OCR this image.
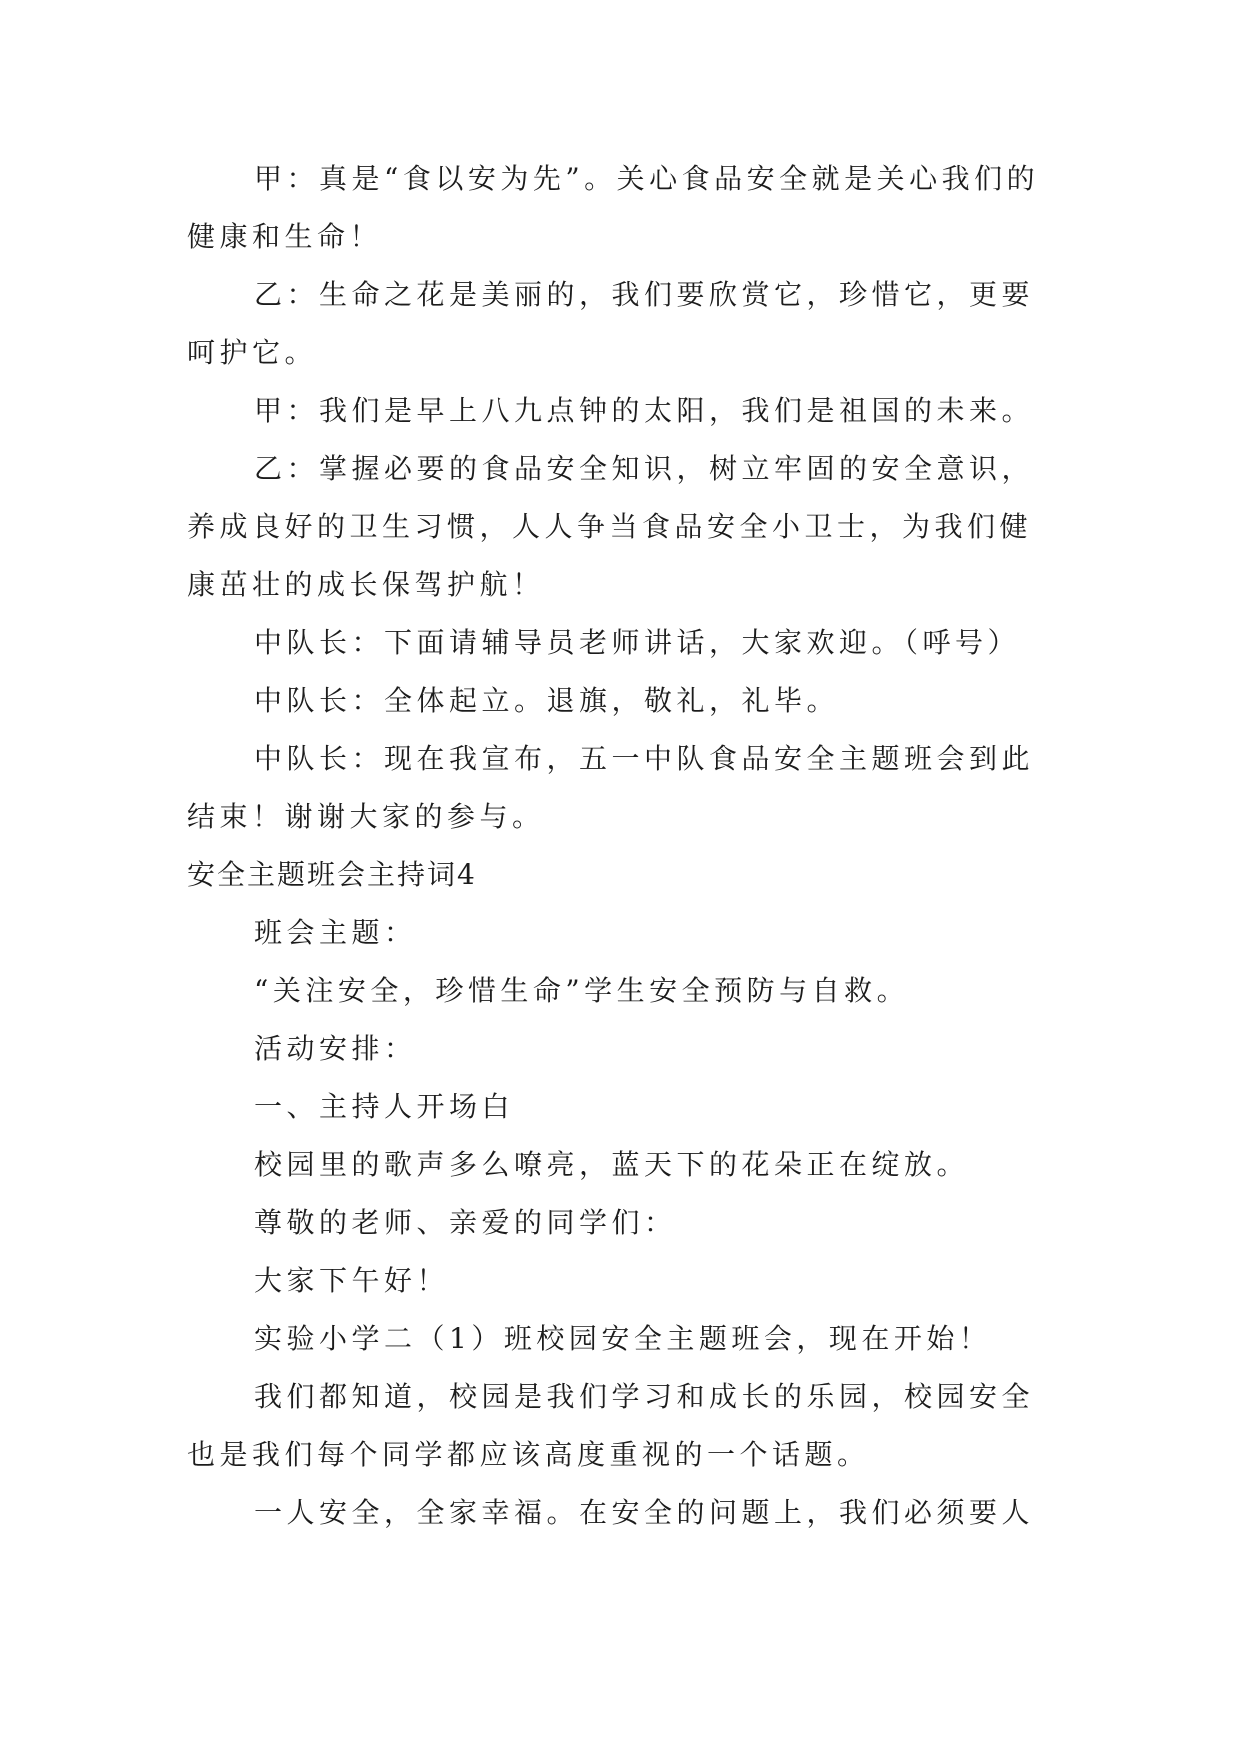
甲：真是“食以安为先”。关心食品安全就是关心我们的健康和生命！

乙：生命之花是美丽的，我们要欣赏它，珍惜它，更要呵护它。

甲：我们是早上八九点钟的太阳，我们是祖国的未来。

乙：掌握必要的食品安全知识，树立牢固的安全意识，养成良好的卫生习惯，人人争当食品安全小卫士，为我们健康茁壮的成长保驾护航！

中队长：下面请辅导员老师讲话，大家欢迎。（呼号）

中队长：全体起立。退旗，敬礼，礼毕。

中队长：现在我宣布，五一中队食品安全主题班会到此结束！谢谢大家的参与。

安全主题班会主持词4

班会主题：

“关注安全，珍惜生命”学生安全预防与自救。

活动安排：

一、主持人开场白

校园里的歌声多么嘹亮，蓝天下的花朵正在绽放。

尊敬的老师、亲爱的同学们：

大家下午好！

实验小学二（1）班校园安全主题班会，现在开始！

我们都知道，校园是我们学习和成长的乐园，校园安全也是我们每个同学都应该高度重视的一个话题。

一人安全，全家幸福。在安全的问题上，我们必须要人
